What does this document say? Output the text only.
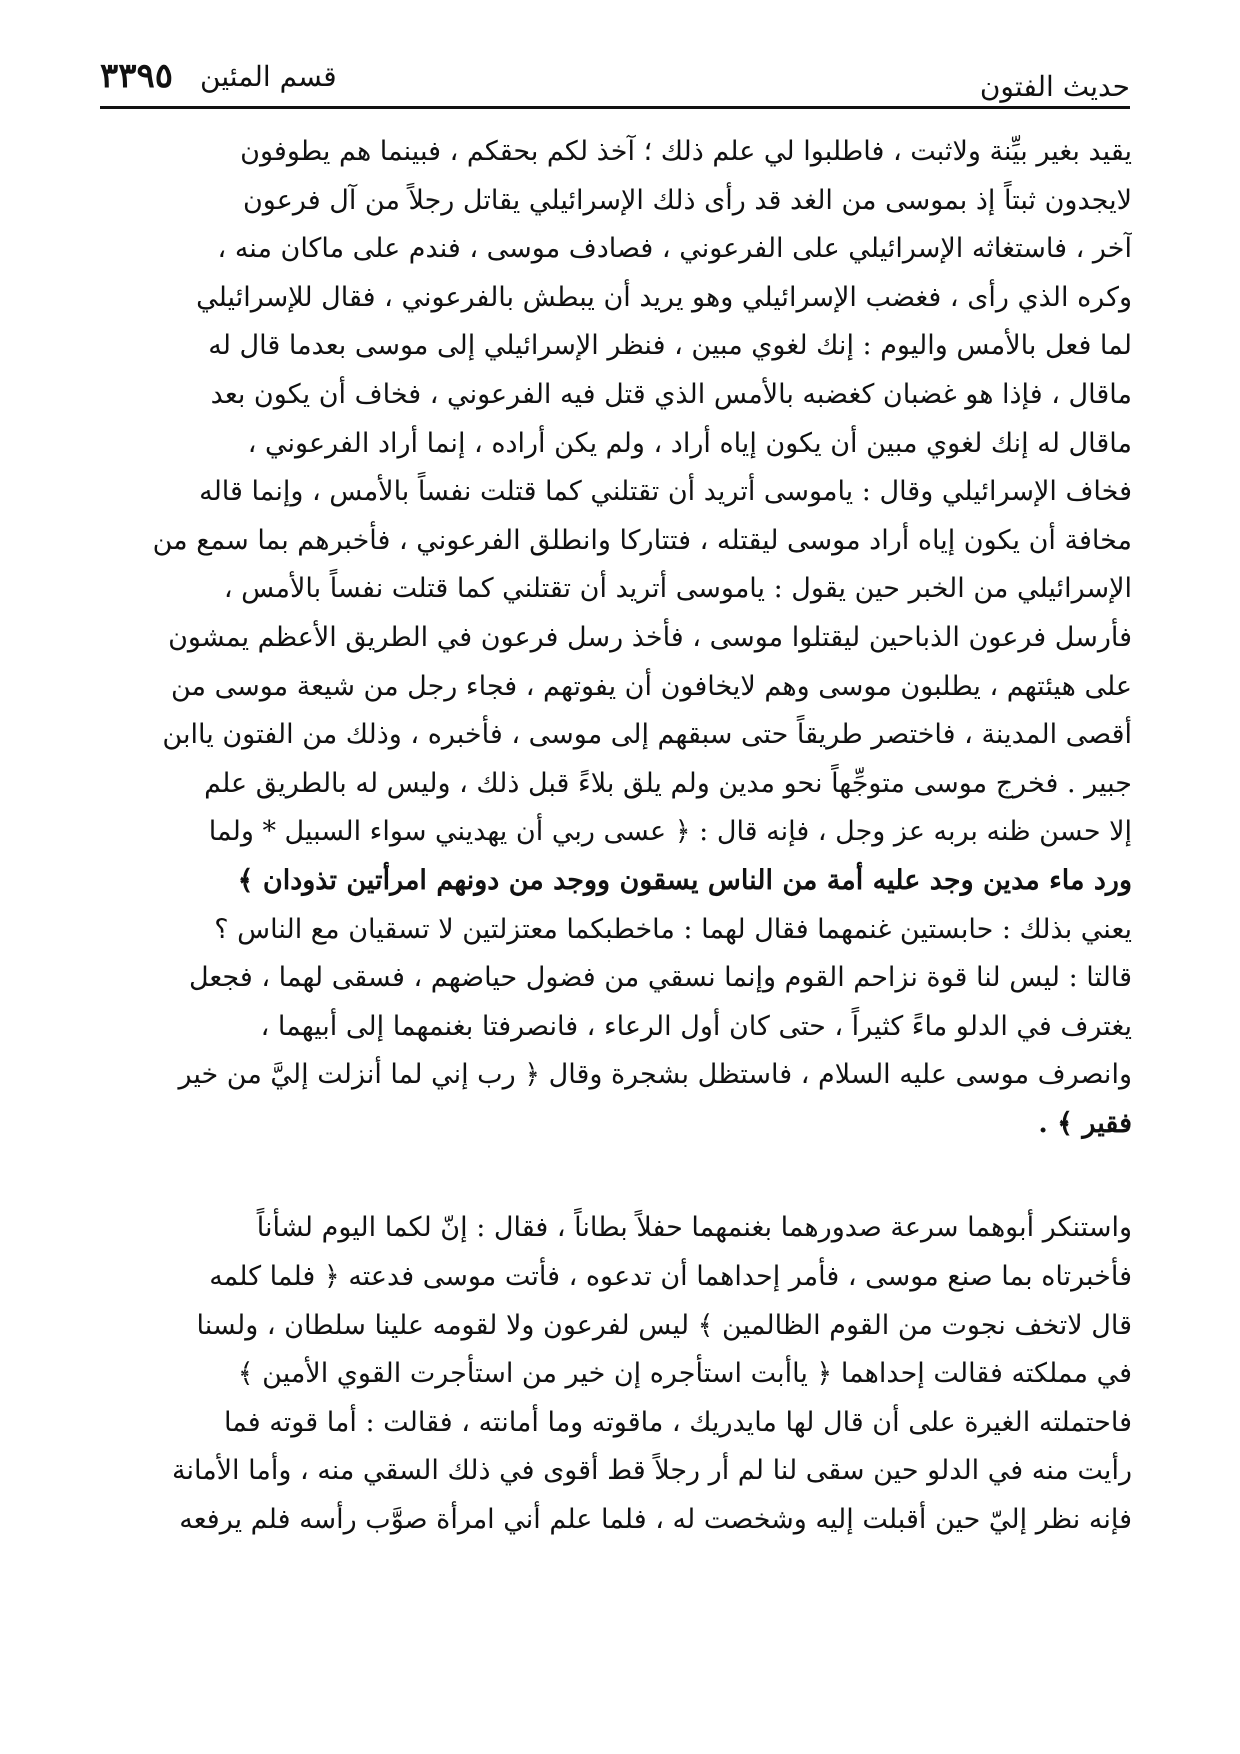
حديث الفتون
قسم المئين
٣٣٩٥
يقيد بغير بيِّنة ولاثبت ، فاطلبوا لي علم ذلك ؛ آخذ لكم بحقكم ، فبينما هم يطوفون
لايجدون ثبتاً إذ بموسى من الغد قد رأى ذلك الإسرائيلي يقاتل رجلاً من آل فرعون
آخر ، فاستغاثه الإسرائيلي على الفرعوني ، فصادف موسى ، فندم على ماكان منه ،
وكره الذي رأى ، فغضب الإسرائيلي وهو يريد أن يبطش بالفرعوني ، فقال للإسرائيلي
لما فعل بالأمس واليوم : إنك لغوي مبين ، فنظر الإسرائيلي إلى موسى بعدما قال له
ماقال ، فإذا هو غضبان كغضبه بالأمس الذي قتل فيه الفرعوني ، فخاف أن يكون بعد
ماقال له إنك لغوي مبين أن يكون إياه أراد ، ولم يكن أراده ، إنما أراد الفرعوني ،
فخاف الإسرائيلي وقال : ياموسى أتريد أن تقتلني كما قتلت نفساً بالأمس ، وإنما قاله
مخافة أن يكون إياه أراد موسى ليقتله ، فتتاركا وانطلق الفرعوني ، فأخبرهم بما سمع من
الإسرائيلي من الخبر حين يقول : ياموسى أتريد أن تقتلني كما قتلت نفساً بالأمس ،
فأرسل فرعون الذباحين ليقتلوا موسى ، فأخذ رسل فرعون في الطريق الأعظم يمشون
على هيئتهم ، يطلبون موسى وهم لايخافون أن يفوتهم ، فجاء رجل من شيعة موسى من
أقصى المدينة ، فاختصر طريقاً حتى سبقهم إلى موسى ، فأخبره ، وذلك من الفتون ياابن
جبير . فخرج موسى متوجِّهاً نحو مدين ولم يلق بلاءً قبل ذلك ، وليس له بالطريق علم
إلا حسن ظنه بربه عز وجل ، فإنه قال : ﴿ عسى ربي أن يهديني سواء السبيل * ولما
ورد ماء مدين وجد عليه أمة من الناس يسقون ووجد من دونهم امرأتين تذودان ﴾
يعني بذلك : حابستين غنمهما فقال لهما : ماخطبكما معتزلتين لا تسقيان مع الناس ؟
قالتا : ليس لنا قوة نزاحم القوم وإنما نسقي من فضول حياضهم ، فسقى لهما ، فجعل
يغترف في الدلو ماءً كثيراً ، حتى كان أول الرعاء ، فانصرفتا بغنمهما إلى أبيهما ،
وانصرف موسى عليه السلام ، فاستظل بشجرة وقال ﴿ رب إني لما أنزلت إليَّ من خير
فقير ﴾ .
واستنكر أبوهما سرعة صدورهما بغنمهما حفلاً بطاناً ، فقال : إنّ لكما اليوم لشأناً
فأخبرتاه بما صنع موسى ، فأمر إحداهما أن تدعوه ، فأتت موسى فدعته ﴿ فلما كلمه
قال لاتخف نجوت من القوم الظالمين ﴾ ليس لفرعون ولا لقومه علينا سلطان ، ولسنا
في مملكته فقالت إحداهما ﴿ ياأبت استأجره إن خير من استأجرت القوي الأمين ﴾
فاحتملته الغيرة على أن قال لها مايدريك ، ماقوته وما أمانته ، فقالت : أما قوته فما
رأيت منه في الدلو حين سقى لنا لم أر رجلاً قط أقوى في ذلك السقي منه ، وأما الأمانة
فإنه نظر إليّ حين أقبلت إليه وشخصت له ، فلما علم أني امرأة صوَّب رأسه فلم يرفعه
